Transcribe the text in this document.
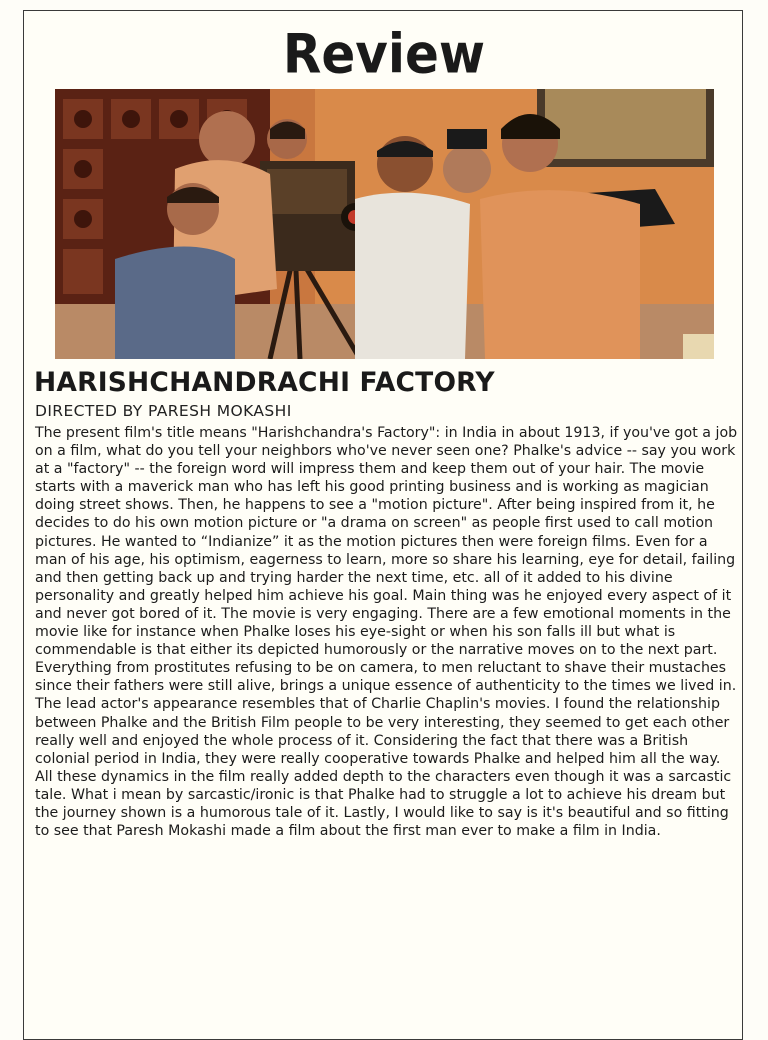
Review
HARISHCHANDRACHI FACTORY
DIRECTED BY PARESH MOKASHI

The present film's title means "Harishchandra's Factory": in India in about 1913, if you've got a job on a film, what do you tell your neighbors who've never seen one? Phalke's advice -- say you work at a "factory" -- the foreign word will impress them and keep them out of your hair. The movie starts with a maverick man who has left his good printing business and is working as magician doing street shows. Then, he happens to see a "motion picture". After being inspired from it, he decides to do his own motion picture or "a drama on screen" as people first used to call motion pictures. He wanted to “Indianize” it as the motion pictures then were foreign films. Even for a man of his age, his optimism, eagerness to learn, more so share his learning, eye for detail, failing and then getting back up and trying harder the next time, etc. all of it added to his divine personality and greatly helped him achieve his goal. Main thing was he enjoyed every aspect of it and never got bored of it. The movie is very engaging. There are a few emotional moments in the movie like for instance when Phalke loses his eye-sight or when his son falls ill but what is commendable is that either its depicted humorously or the narrative moves on to the next part. Everything from prostitutes refusing to be on camera, to men reluctant to shave their mustaches since their fathers were still alive, brings a unique essence of authenticity to the times we lived in. The lead actor's appearance resembles that of Charlie Chaplin's movies. I found the relationship between Phalke and the British Film people to be very interesting, they seemed to get each other really well and enjoyed the whole process of it. Considering the fact that there was a British colonial period in India, they were really cooperative towards Phalke and helped him all the way. All these dynamics in the film really added depth to the characters even though it was a sarcastic tale. What i mean by sarcastic/ironic is that Phalke had to struggle a lot to achieve his dream but the journey shown is a humorous tale of it. Lastly, I would like to say is it's beautiful and so fitting to see that Paresh Mokashi made a film about the first man ever to make a film in India.
